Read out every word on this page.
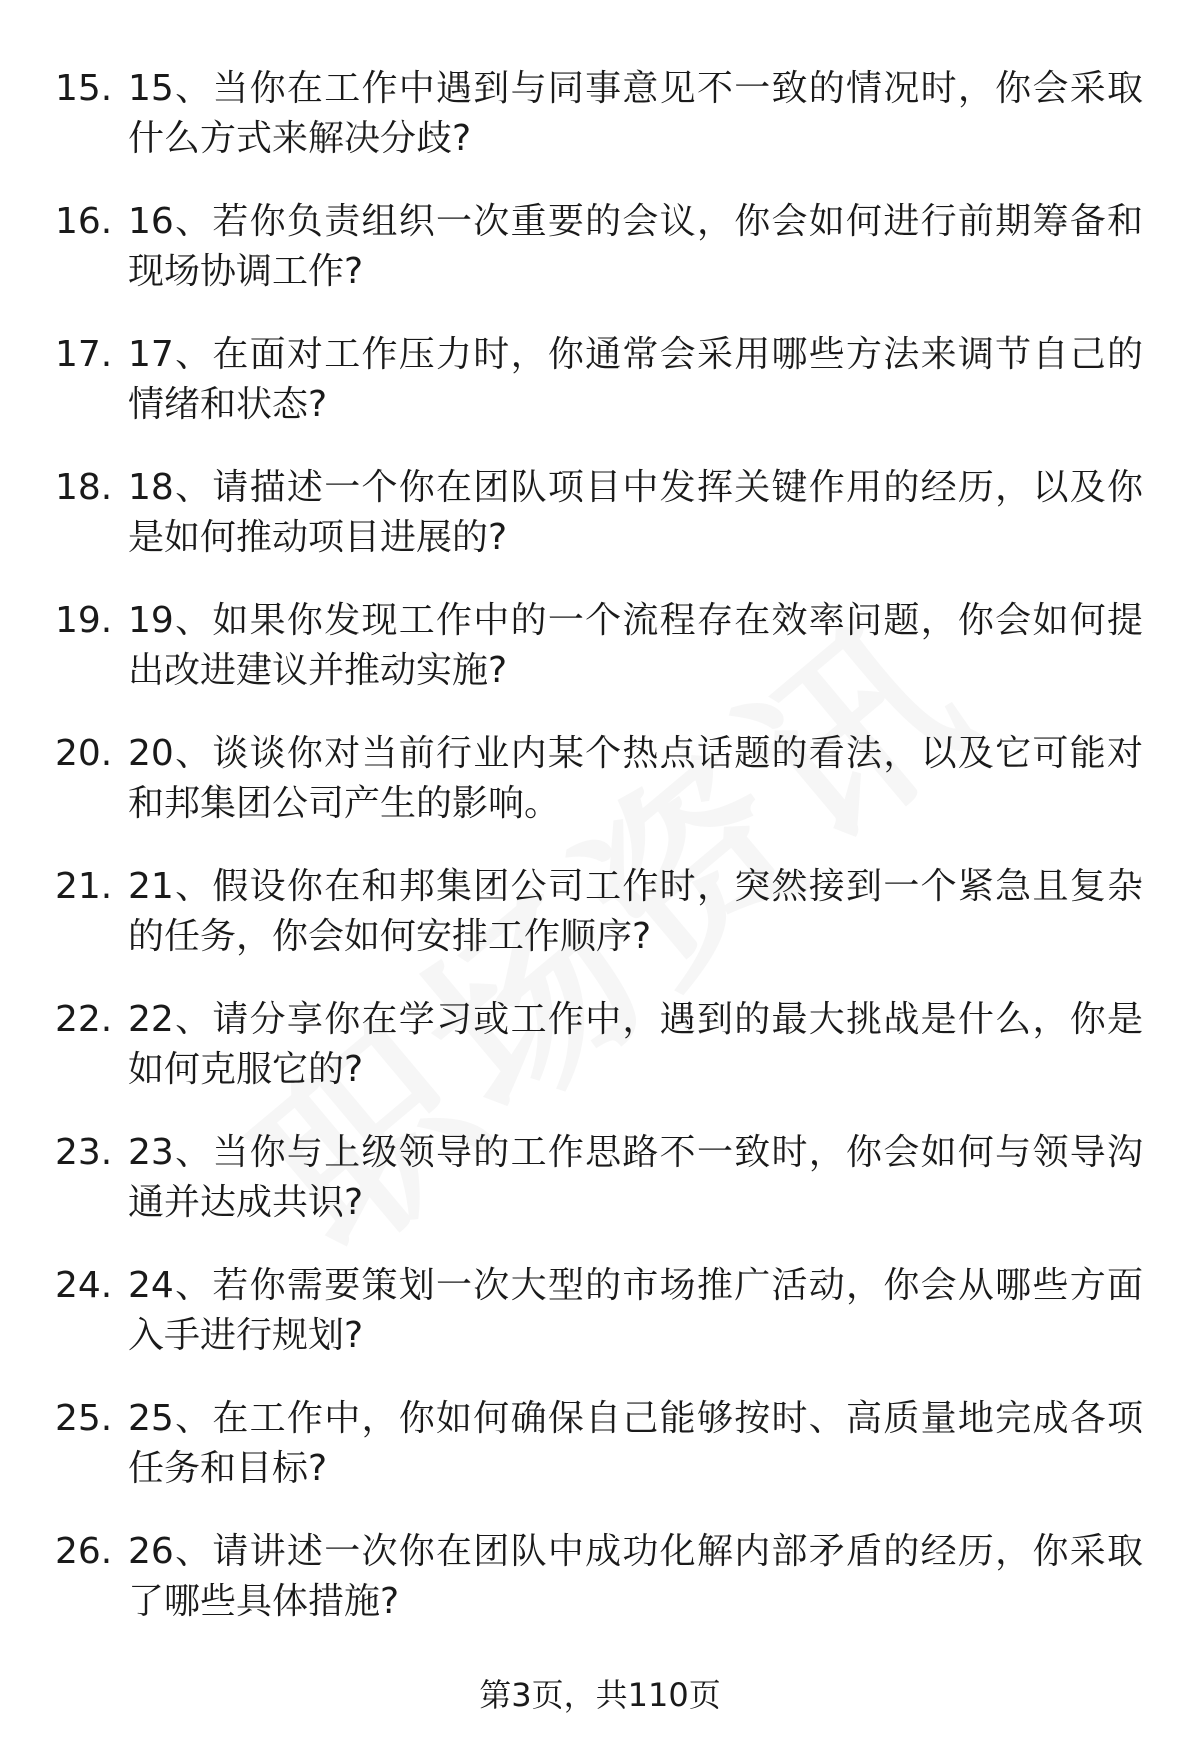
15. 15、当你在工作中遇到与同事意见不一致的情况时，你会采取什么方式来解决分歧?
16. 16、若你负责组织一次重要的会议，你会如何进行前期筹备和现场协调工作?
17. 17、在面对工作压力时，你通常会采用哪些方法来调节自己的情绪和状态?
18. 18、请描述一个你在团队项目中发挥关键作用的经历，以及你是如何推动项目进展的?
19. 19、如果你发现工作中的一个流程存在效率问题，你会如何提出改进建议并推动实施?
20. 20、谈谈你对当前行业内某个热点话题的看法，以及它可能对和邦集团公司产生的影响。
21. 21、假设你在和邦集团公司工作时，突然接到一个紧急且复杂的任务，你会如何安排工作顺序?
22. 22、请分享你在学习或工作中，遇到的最大挑战是什么，你是如何克服它的?
23. 23、当你与上级领导的工作思路不一致时，你会如何与领导沟通并达成共识?
24. 24、若你需要策划一次大型的市场推广活动，你会从哪些方面入手进行规划?
25. 25、在工作中，你如何确保自己能够按时、高质量地完成各项任务和目标?
26. 26、请讲述一次你在团队中成功化解内部矛盾的经历，你采取了哪些具体措施?
第3页，共110页
